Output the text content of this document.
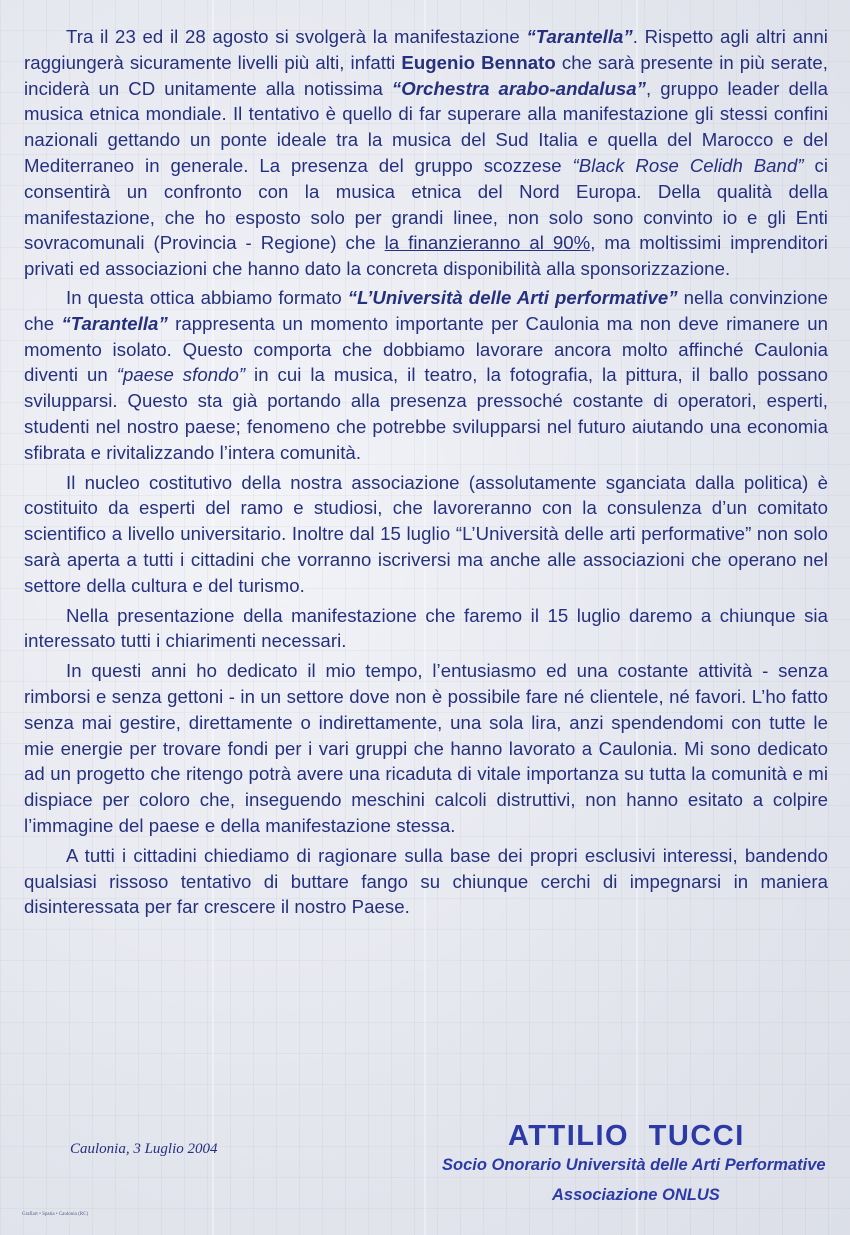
Tra il 23 ed il 28 agosto si svolgerà la manifestazione “Tarantella”. Rispetto agli altri anni raggiungerà sicuramente livelli più alti, infatti Eugenio Bennato che sarà presente in più serate, inciderà un CD unitamente alla notissima “Orchestra arabo-andalusa”, gruppo leader della musica etnica mondiale. Il tentativo è quello di far superare alla manifestazione gli stessi confini nazionali gettando un ponte ideale tra la musica del Sud Italia e quella del Marocco e del Mediterraneo in generale. La presenza del gruppo scozzese “Black Rose Celidh Band” ci consentirà un confronto con la musica etnica del Nord Europa. Della qualità della manifestazione, che ho esposto solo per grandi linee, non solo sono convinto io e gli Enti sovracomunali (Provincia - Regione) che la finanzieranno al 90%, ma moltissimi imprenditori privati ed associazioni che hanno dato la concreta disponibilità alla sponsorizzazione.

In questa ottica abbiamo formato “L’Università delle Arti performative” nella convinzione che “Tarantella” rappresenta un momento importante per Caulonia ma non deve rimanere un momento isolato. Questo comporta che dobbiamo lavorare ancora molto affinché Caulonia diventi un “paese sfondo” in cui la musica, il teatro, la fotografia, la pittura, il ballo possano svilupparsi. Questo sta già portando alla presenza pressoché costante di operatori, esperti, studenti nel nostro paese; fenomeno che potrebbe svilupparsi nel futuro aiutando una economia sfibrata e rivitalizzando l’intera comunità.

Il nucleo costitutivo della nostra associazione (assolutamente sganciata dalla politica) è costituito da esperti del ramo e studiosi, che lavoreranno con la consulenza d’un comitato scientifico a livello universitario. Inoltre dal 15 luglio “L’Università delle arti performative” non solo sarà aperta a tutti i cittadini che vorranno iscriversi ma anche alle associazioni che operano nel settore della cultura e del turismo.

Nella presentazione della manifestazione che faremo il 15 luglio daremo a chiunque sia interessato tutti i chiarimenti necessari.

In questi anni ho dedicato il mio tempo, l’entusiasmo ed una costante attività - senza rimborsi e senza gettoni - in un settore dove non è possibile fare né clientele, né favori. L’ho fatto senza mai gestire, direttamente o indirettamente, una sola lira, anzi spendendomi con tutte le mie energie per trovare fondi per i vari gruppi che hanno lavorato a Caulonia. Mi sono dedicato ad un progetto che ritengo potrà avere una ricaduta di vitale importanza su tutta la comunità e mi dispiace per coloro che, inseguendo meschini calcoli distruttivi, non hanno esitato a colpire l’immagine del paese e della manifestazione stessa.

A tutti i cittadini chiediamo di ragionare sulla base dei propri esclusivi interessi, bandendo qualsiasi rissoso tentativo di buttare fango su chiunque cerchi di impegnarsi in maniera disinteressata per far crescere il nostro Paese.

Caulonia, 3 Luglio 2004	ATTILIO TUCCI
Socio Onorario Università delle Arti Performative
Associazione ONLUS
Grafiart • Spatia • Caulonia (RC)
